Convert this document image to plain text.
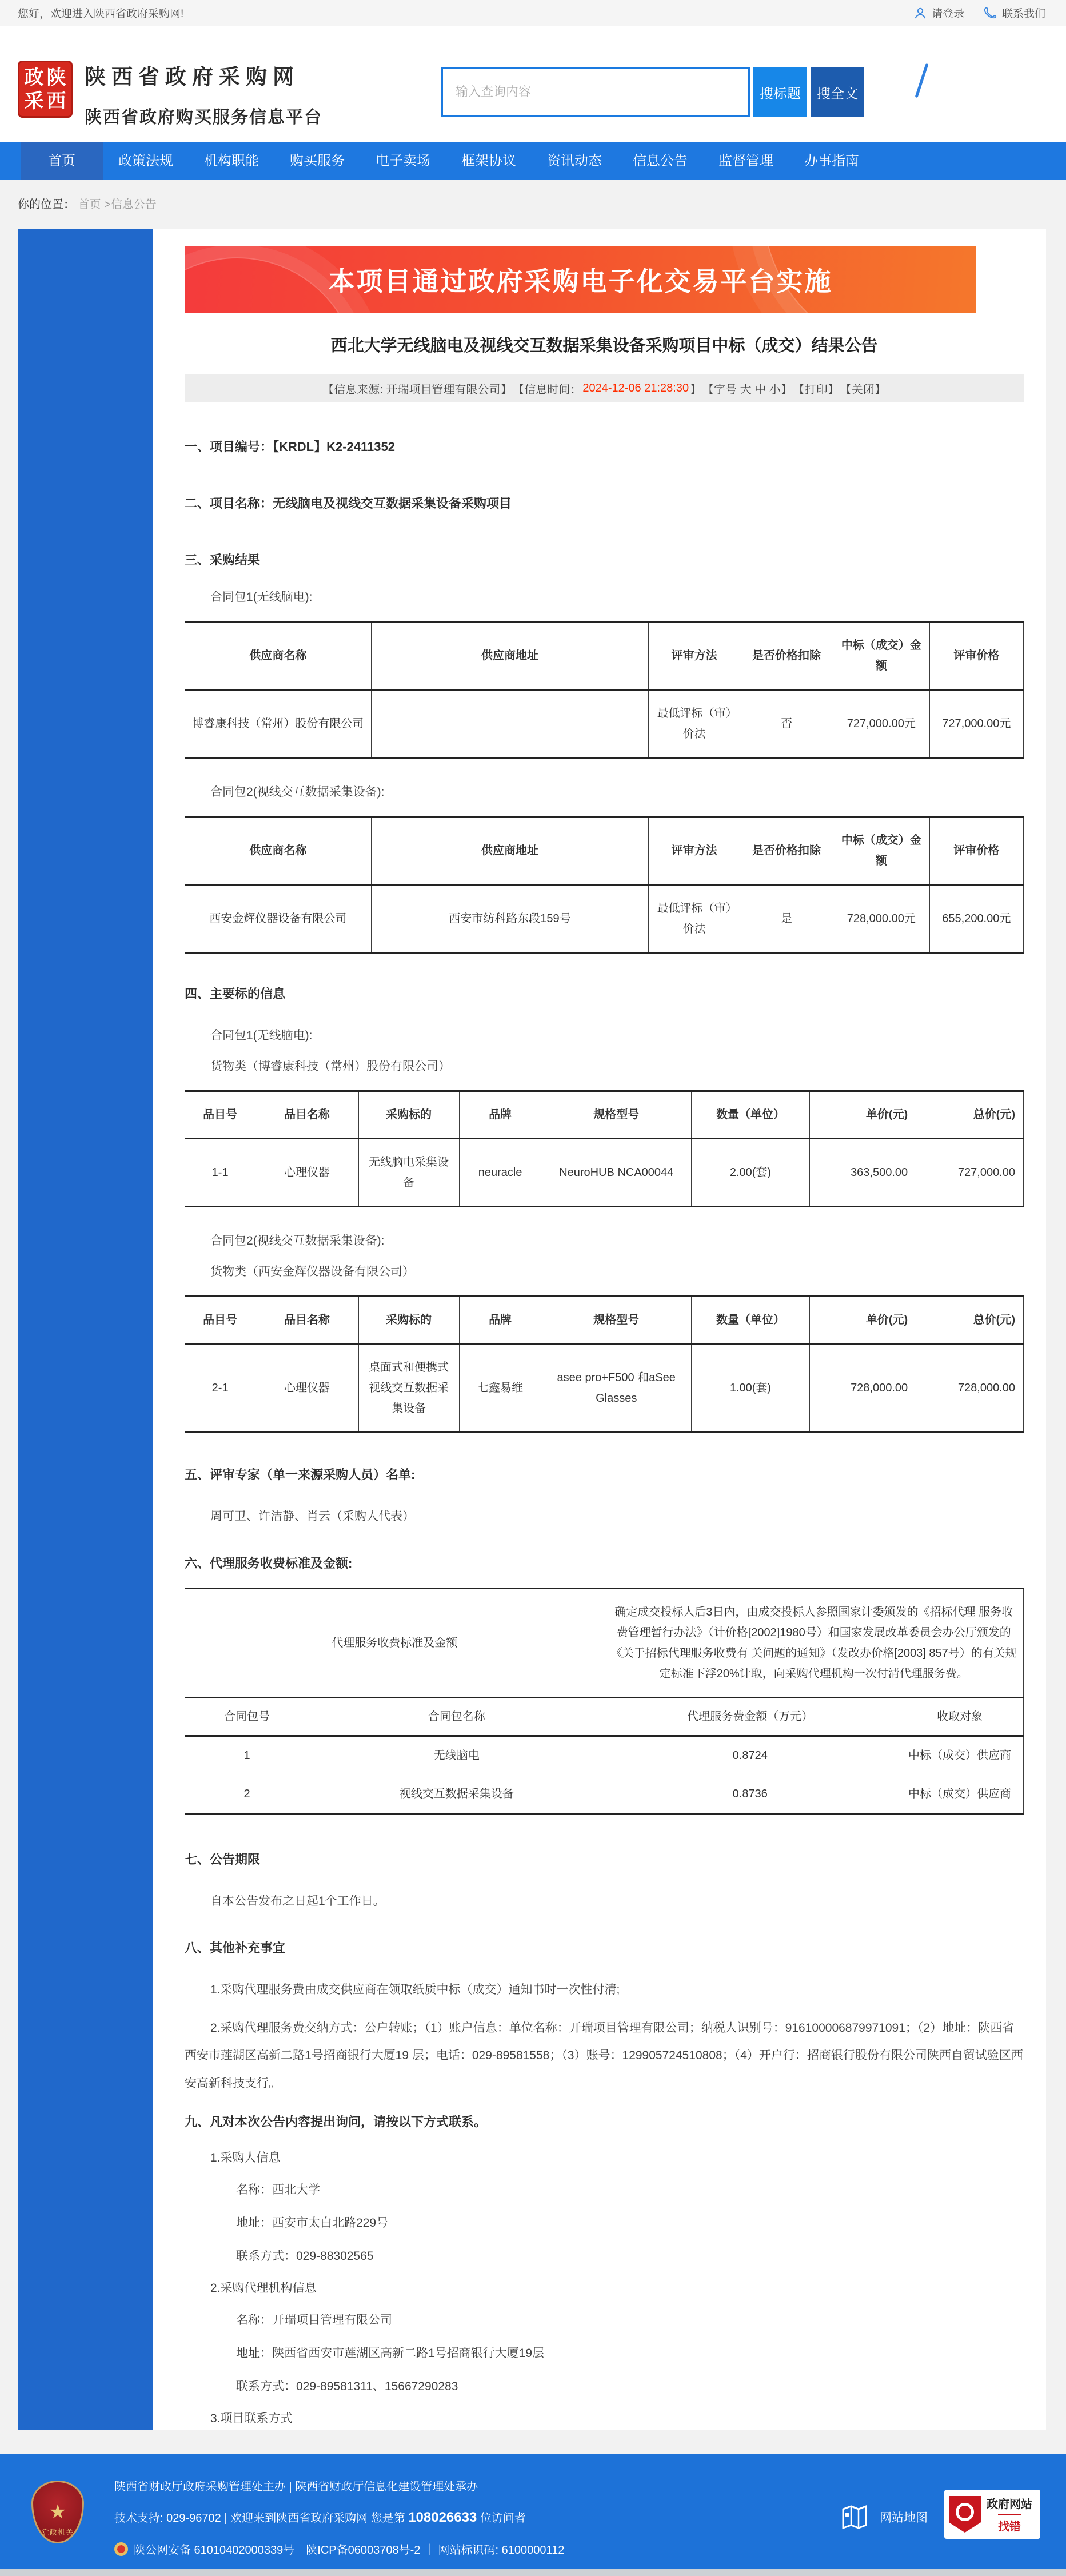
您好，欢迎进入陕西省政府采购网!	请登录	联系我们
政 陕
采 西
陕西省政府采购网
陕西省政府购买服务信息平台
输入查询内容
搜标题	搜全文
首页	政策法规	机构职能	购买服务	电子卖场	框架协议	资讯动态	信息公告	监督管理	办事指南
你的位置： 首页 >信息公告
本项目通过政府采购电子化交易平台实施
西北大学无线脑电及视线交互数据采集设备采购项目中标（成交）结果公告
【信息来源: 开瑞项目管理有限公司】 【信息时间： 2024-12-06 21:28:30 】 【字号 大 中 小】 【打印】 【关闭】
一、项目编号：【KRDL】K2-2411352
二、项目名称：无线脑电及视线交互数据采集设备采购项目
三、采购结果
合同包1(无线脑电):
供应商名称	供应商地址	评审方法	是否价格扣除	中标（成交）金额	评审价格
博睿康科技（常州）股份有限公司		最低评标（审）价法	否	727,000.00元	727,000.00元
合同包2(视线交互数据采集设备):
供应商名称	供应商地址	评审方法	是否价格扣除	中标（成交）金额	评审价格
西安金辉仪器设备有限公司	西安市纺科路东段159号	最低评标（审）价法	是	728,000.00元	655,200.00元
四、主要标的信息
合同包1(无线脑电):
货物类（博睿康科技（常州）股份有限公司）
品目号	品目名称	采购标的	品牌	规格型号	数量（单位）	单价(元)	总价(元)
1-1	心理仪器	无线脑电采集设备	neuracle	NeuroHUB NCA00044	2.00(套)	363,500.00	727,000.00
合同包2(视线交互数据采集设备):
货物类（西安金辉仪器设备有限公司）
品目号	品目名称	采购标的	品牌	规格型号	数量（单位）	单价(元)	总价(元)
2-1	心理仪器	桌面式和便携式视线交互数据采集设备	七鑫易维	asee pro+F500 和aSee Glasses	1.00(套)	728,000.00	728,000.00
五、评审专家（单一来源采购人员）名单:
周可卫、许洁静、肖云（采购人代表）
六、代理服务收费标准及金额:
代理服务收费标准及金额		确定成交投标人后3日内，由成交投标人参照国家计委颁发的《招标代理 服务收费管理暂行办法》（计价格[2002]1980号）和国家发展改革委员会办公厅颁发的《关于招标代理服务收费有 关问题的通知》（发改办价格[2003] 857号）的有关规定标准下浮20%计取，向采购代理机构一次付清代理服务费。	
合同包号	合同包名称	代理服务费金额（万元）	收取对象
1	无线脑电	0.8724	中标（成交）供应商
2	视线交互数据采集设备	0.8736	中标（成交）供应商
七、公告期限
自本公告发布之日起1个工作日。
八、其他补充事宜
1.采购代理服务费由成交供应商在领取纸质中标（成交）通知书时一次性付清;
2.采购代理服务费交纳方式：公户转账；（1）账户信息：单位名称：开瑞项目管理有限公司；纳税人识别号：916100006879971091；（2）地址：陕西省西安市莲湖区高新二路1号招商银行大厦19 层；电话：029-89581558；（3）账号：129905724510808；（4）开户行：招商银行股份有限公司陕西自贸试验区西安高新科技支行。
九、凡对本次公告内容提出询问，请按以下方式联系。
1.采购人信息
名称：西北大学
地址：西安市太白北路229号
联系方式：029-88302565
2.采购代理机构信息
名称：开瑞项目管理有限公司
地址：陕西省西安市莲湖区高新二路1号招商银行大厦19层
联系方式：029-89581311、15667290283
3.项目联系方式
★
党政机关
陕西省财政厅政府采购管理处主办 | 陕西省财政厅信息化建设管理处承办
技术支持: 029-96702 | 欢迎来到陕西省政府采购网 您是第 108026633 位访问者
陕公网安备 61010402000339号　陕ICP备06003708号-2 ｜ 网站标识码: 6100000112
网站地图
政府网站
找错
